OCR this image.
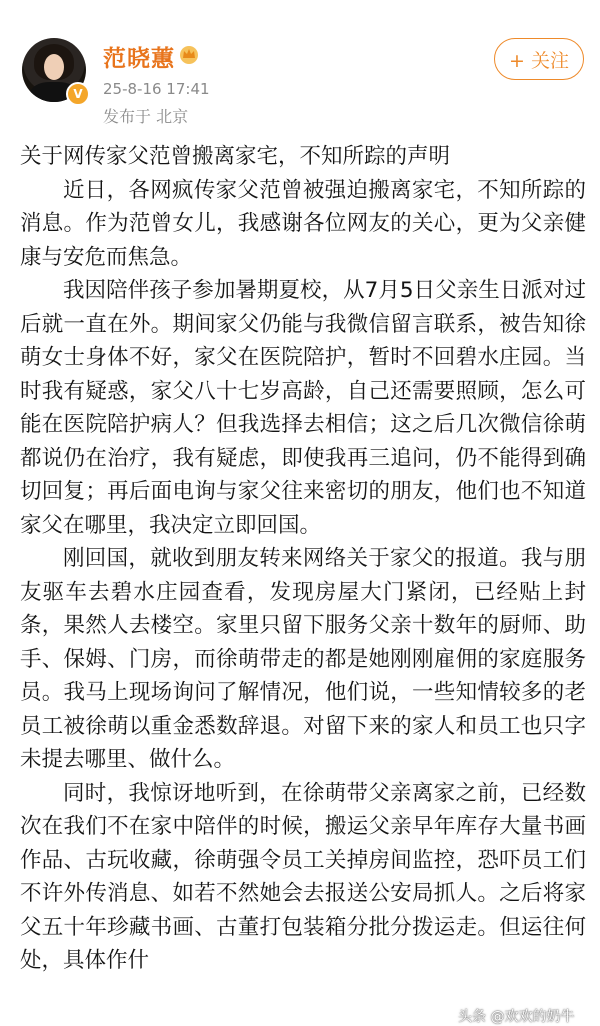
V
范晓蕙
25-8-16 17:41
发布于 北京
+ 关注
关于网传家父范曾搬离家宅，不知所踪的声明

近日，各网疯传家父范曾被强迫搬离家宅，不知所踪的消息。作为范曾女儿，我感谢各位网友的关心，更为父亲健康与安危而焦急。

我因陪伴孩子参加暑期夏校，从7月5日父亲生日派对过后就一直在外。期间家父仍能与我微信留言联系，被告知徐萌女士身体不好，家父在医院陪护，暂时不回碧水庄园。当时我有疑惑，家父八十七岁高龄，自己还需要照顾，怎么可能在医院陪护病人？但我选择去相信；这之后几次微信徐萌都说仍在治疗，我有疑虑，即使我再三追问，仍不能得到确切回复；再后面电询与家父往来密切的朋友，他们也不知道家父在哪里，我决定立即回国。

刚回国，就收到朋友转来网络关于家父的报道。我与朋友驱车去碧水庄园查看，发现房屋大门紧闭，已经贴上封条，果然人去楼空。家里只留下服务父亲十数年的厨师、助手、保姆、门房，而徐萌带走的都是她刚刚雇佣的家庭服务员。我马上现场询问了解情况，他们说，一些知情较多的老员工被徐萌以重金悉数辞退。对留下来的家人和员工也只字未提去哪里、做什么。

同时，我惊讶地听到，在徐萌带父亲离家之前，已经数次在我们不在家中陪伴的时候，搬运父亲早年库存大量书画作品、古玩收藏，徐萌强令员工关掉房间监控，恐吓员工们不许外传消息、如若不然她会去报送公安局抓人。之后将家父五十年珍藏书画、古董打包装箱分批分拨运走。但运往何处，具体作什

头条 @欢欢的奶牛
